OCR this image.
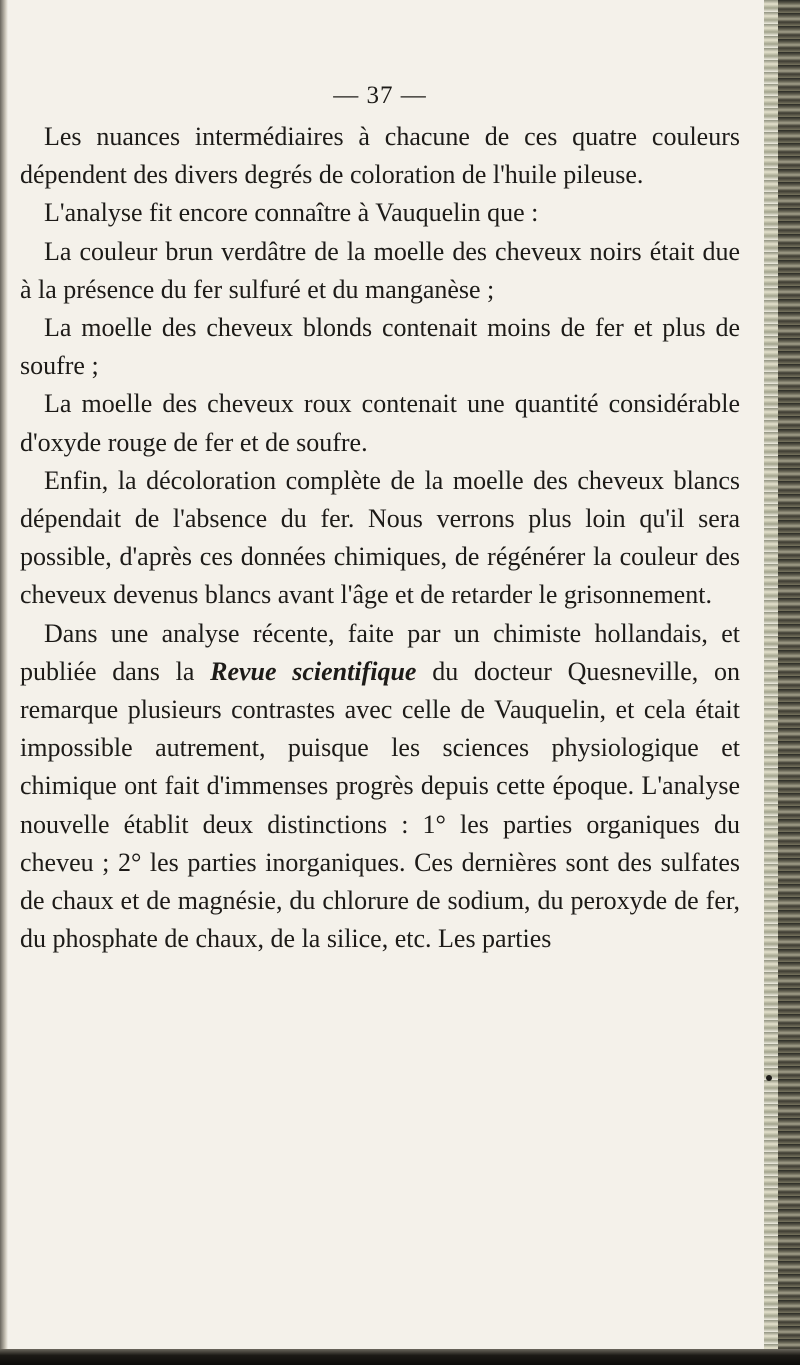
— 37 —

Les nuances intermédiaires à chacune de ces quatre couleurs dépendent des divers degrés de coloration de l'huile pileuse.

L'analyse fit encore connaître à Vauquelin que :

La couleur brun verdâtre de la moelle des cheveux noirs était due à la présence du fer sulfuré et du manganèse ;

La moelle des cheveux blonds contenait moins de fer et plus de soufre ;

La moelle des cheveux roux contenait une quantité considérable d'oxyde rouge de fer et de soufre.

Enfin, la décoloration complète de la moelle des cheveux blancs dépendait de l'absence du fer. Nous verrons plus loin qu'il sera possible, d'après ces données chimiques, de régénérer la couleur des cheveux devenus blancs avant l'âge et de retarder le grisonnement.

Dans une analyse récente, faite par un chimiste hollandais, et publiée dans la Revue scientifique du docteur Quesneville, on remarque plusieurs contrastes avec celle de Vauquelin, et cela était impossible autrement, puisque les sciences physiologique et chimique ont fait d'immenses progrès depuis cette époque. L'analyse nouvelle établit deux distinctions : 1° les parties organiques du cheveu ; 2° les parties inorganiques. Ces dernières sont des sulfates de chaux et de magnésie, du chlorure de sodium, du peroxyde de fer, du phosphate de chaux, de la silice, etc. Les parties
